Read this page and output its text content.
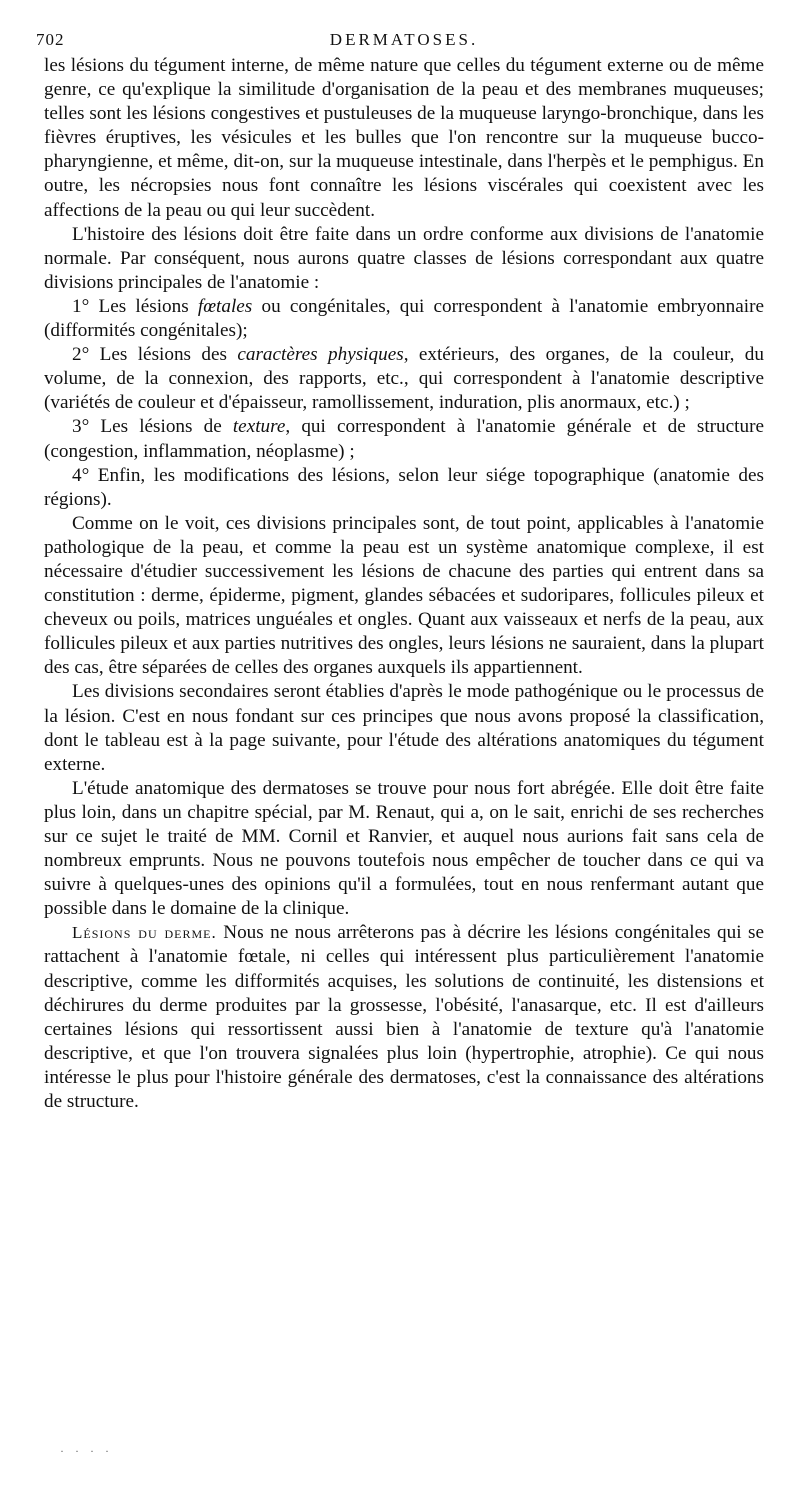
702	DERMATOSES.

les lésions du tégument interne, de même nature que celles du tégument externe ou de même genre, ce qu'explique la similitude d'organisation de la peau et des membranes muqueuses; telles sont les lésions congestives et pustuleuses de la muqueuse laryngo-bronchique, dans les fièvres éruptives, les vésicules et les bulles que l'on rencontre sur la muqueuse bucco-pharyngienne, et même, dit-on, sur la muqueuse intestinale, dans l'herpès et le pemphigus. En outre, les nécropsies nous font connaître les lésions viscérales qui coexistent avec les affections de la peau ou qui leur succèdent.

L'histoire des lésions doit être faite dans un ordre conforme aux divisions de l'anatomie normale. Par conséquent, nous aurons quatre classes de lésions correspondant aux quatre divisions principales de l'anatomie :

1° Les lésions fœtales ou congénitales, qui correspondent à l'anatomie embryonnaire (difformités congénitales);

2° Les lésions des caractères physiques, extérieurs, des organes, de la couleur, du volume, de la connexion, des rapports, etc., qui correspondent à l'anatomie descriptive (variétés de couleur et d'épaisseur, ramollissement, induration, plis anormaux, etc.) ;

3° Les lésions de texture, qui correspondent à l'anatomie générale et de structure (congestion, inflammation, néoplasme) ;

4° Enfin, les modifications des lésions, selon leur siége topographique (anatomie des régions).

Comme on le voit, ces divisions principales sont, de tout point, applicables à l'anatomie pathologique de la peau, et comme la peau est un système anatomique complexe, il est nécessaire d'étudier successivement les lésions de chacune des parties qui entrent dans sa constitution : derme, épiderme, pigment, glandes sébacées et sudoripares, follicules pileux et cheveux ou poils, matrices unguéales et ongles. Quant aux vaisseaux et nerfs de la peau, aux follicules pileux et aux parties nutritives des ongles, leurs lésions ne sauraient, dans la plupart des cas, être séparées de celles des organes auxquels ils appartiennent.

Les divisions secondaires seront établies d'après le mode pathogénique ou le processus de la lésion. C'est en nous fondant sur ces principes que nous avons proposé la classification, dont le tableau est à la page suivante, pour l'étude des altérations anatomiques du tégument externe.

L'étude anatomique des dermatoses se trouve pour nous fort abrégée. Elle doit être faite plus loin, dans un chapitre spécial, par M. Renaut, qui a, on le sait, enrichi de ses recherches sur ce sujet le traité de MM. Cornil et Ranvier, et auquel nous aurions fait sans cela de nombreux emprunts. Nous ne pouvons toutefois nous empêcher de toucher dans ce qui va suivre à quelques-unes des opinions qu'il a formulées, tout en nous renfermant autant que possible dans le domaine de la clinique.

Lésions du derme. Nous ne nous arrêterons pas à décrire les lésions congénitales qui se rattachent à l'anatomie fœtale, ni celles qui intéressent plus particulièrement l'anatomie descriptive, comme les difformités acquises, les solutions de continuité, les distensions et déchirures du derme produites par la grossesse, l'obésité, l'anasarque, etc. Il est d'ailleurs certaines lésions qui ressortissent aussi bien à l'anatomie de texture qu'à l'anatomie descriptive, et que l'on trouvera signalées plus loin (hypertrophie, atrophie). Ce qui nous intéresse le plus pour l'histoire générale des dermatoses, c'est la connaissance des altérations de structure.

· · · ·
